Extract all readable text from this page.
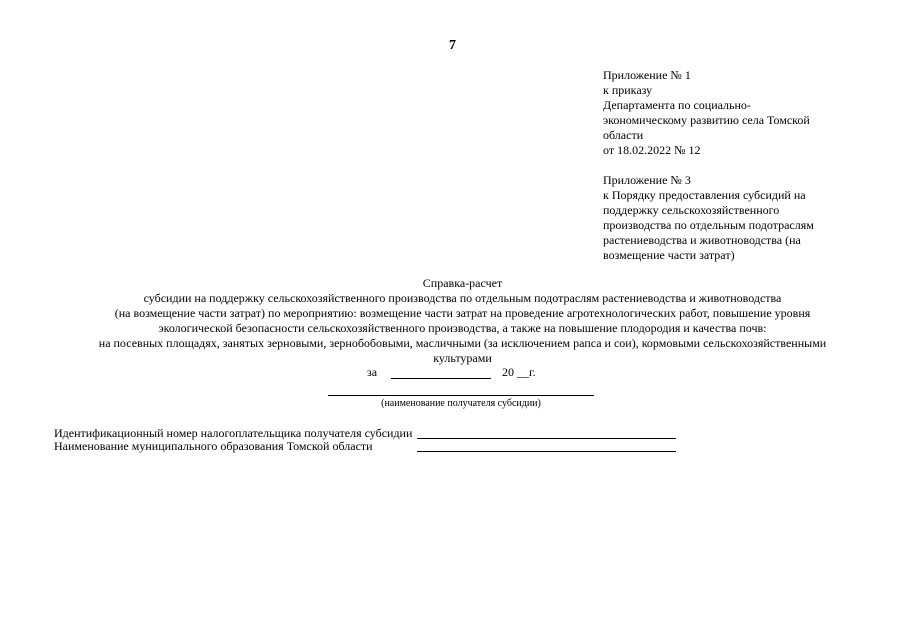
7
Приложение № 1
к приказу
Департамента по социально-
экономическому развитию села Томской
области
от 18.02.2022 № 12
Приложение № 3
к Порядку предоставления субсидий на
поддержку сельскохозяйственного
производства по отдельным подотраслям
растениеводства и животноводства (на
возмещение части затрат)
Справка-расчет
субсидии на поддержку сельскохозяйственного производства по отдельным подотраслям растениеводства и животноводства
(на возмещение части затрат) по мероприятию: возмещение части затрат на проведение агротехнологических работ, повышение уровня
экологической безопасности сельскохозяйственного производства, а также на повышение плодородия и качества почв:
на посевных площадях, занятых зерновыми, зернобобовыми, масличными (за исключением рапса и сои), кормовыми сельскохозяйственными
культурами
за	20 __г.
(наименование получателя субсидии)
Идентификационный номер налогоплательщика получателя субсидии
Наименование муниципального образования Томской области
